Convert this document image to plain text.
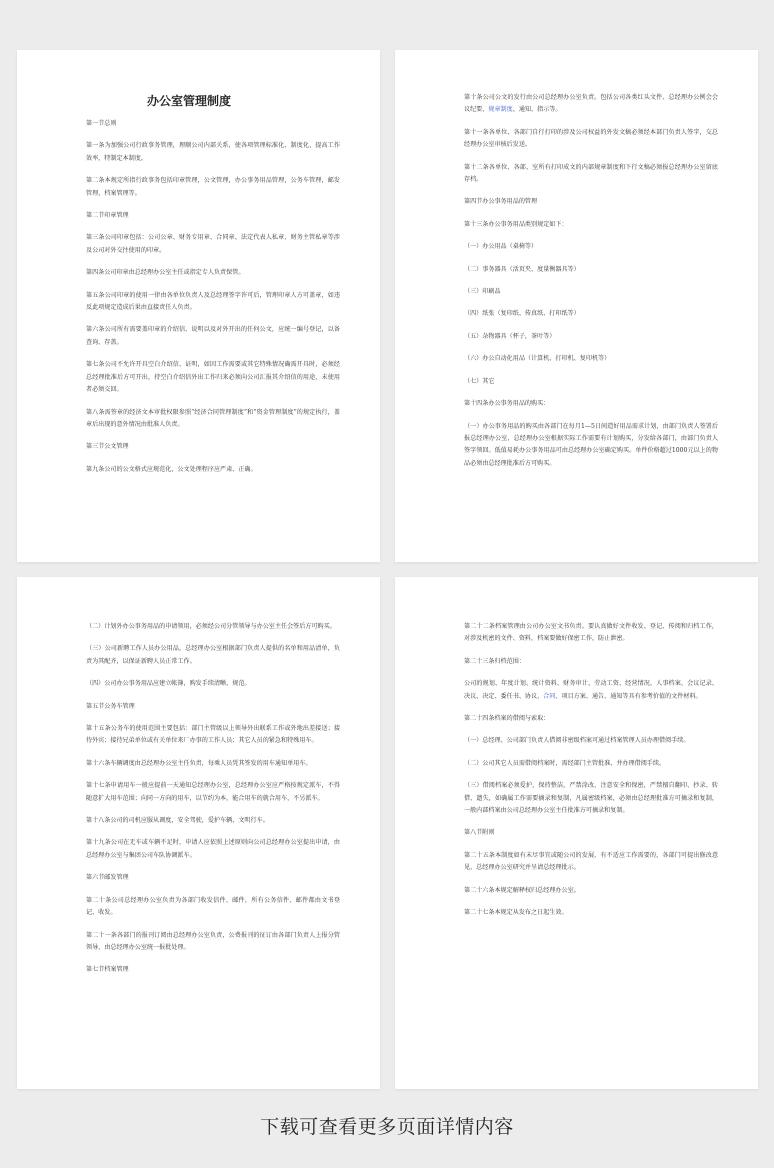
办公室管理制度

第一节总则

第一条为加强公司行政事务管理，理顺公司内部关系，使各项管理标准化、制度化，提高工作效率，特制定本制度。

第二条本规定所指行政事务包括印章管理，公文管理，办公事务用品管理，公务车管理，邮发管理，档案管理等。

第二节印章管理

第三条公司印章包括：公司公章、财务专用章、合同章、法定代表人私章、财务主管私章等涉及公司对外交往使用的印章。

第四条公司印章由总经理办公室主任或指定专人负责保管。

第五条公司印章的使用一律由各单位负责人及总经理签字许可后，管理印章人方可盖章，如违反此项规定造成后果由直接责任人负责。

第六条公司所有需要盖印章的介绍信、说明以及对外开出的任何公文，应统一编号登记，以备查询、存盖。

第七条公司不允许开具空白介绍信、证明，如因工作需要或其它特殊情况确需开具时，必须经总经理批准后方可开出，持空白介绍信外出工作归来必须向公司汇报其介绍信的用途，未使用者必须交回。

第八条需签章的经济文本审批权限参照“经济合同管理制度”和“资金管理制度”的规定执行，盖章后出现的意外情况由批准人负责。

第三节公文管理

第九条公司的公文格式应规范化，公文处理程序应严肃、正确。

第十条公司公文的发行由公司总经理办公室负责。包括公司各类红头文件、总经理办公例会会议纪要、规章制度、通知、指示等。

第十一条各单位、各部门自行打印的涉及公司权益的外发文稿必须经本部门负责人签字，交总经理办公室审核后发送。

第十二条各单位、各部、室所有打印成文的内部规章制度和下行文稿必须报总经理办公室留底存档。

第四节办公事务用品的管理

第十三条办公事务用品类别规定如下：

（一）办公用品（桌椅等）

（二）事务器具（活页夹、度量衡器具等）

（三）印刷品

（四）纸张（复印纸、传真纸、打印纸等）

（五）杂物器具（杯子，茶叶等）

（六）办公自动化用品（计算机、打印机、复印机等）

（七）其它

第十四条办公事务用品的购买：

（一）办公事务用品的购买由各部门在每月1—5日间造好用品需求计划，由部门负责人签署后报总经理办公室，总经理办公室根据实际工作需要有计划购买，分发给各部门，由部门负责人签字领回。低值易耗办公事务用品可由总经理办公室确定购买。单件价格超过1000元以上的物品必须由总经理批准后方可购买。

（二）计划外办公事务用品的申请领用，必须经公司分管领导与办公室主任会签后方可购买。

（三）公司新聘工作人员办公用品，总经理办公室根据部门负责人提供的名单和用品清单，负责为其配齐，以保证新聘人员正常工作。

（四）公司办公事务用品应建立帐簿，购发手续清晰、规范。

第五节公务车管理

第十五条公务车的使用范围主要包括：部门主管级以上领导外出联系工作或外地出差接送；接待外宾；接待兄弟单位或有关单位来厂办事的工作人员；其它人员的紧急和特殊用车。

第十六条车辆调度由总经理办公室主任负责，每乘人员凭其签发的用车通知单用车。

第十七条申请用车一般应提前一天通知总经理办公室，总经理办公室应严格按规定派车，不得随意扩大用车范围；向同一方向的用车，以节约为本，能合用车的就合用车，不另派车。

第十八条公司的司机应服从调度，安全驾驶，爱护车辆，文明行车。

第十九条公司在无车或车辆不足时，申请人应依照上述原则向公司总经理办公室提出申请，由总经理办公室与集团公司车队协调派车。

第六节邮发管理

第二十条公司总经理办公室负责为各部门收发信件、邮件，所有公务信件、邮件都由文书登记、收发。

第二十一条各部门的报刊订阅由总经理办公室负责，公费报刊的征订由各部门负责人上报分管领导，由总经理办公室统一报批处理。

第七节档案管理

第二十二条档案管理由公司办公室文书负责。要认真做好文件收发、登记、传阅和归档工作，对涉及机密的文件、资料，档案要做好保密工作，防止泄密。

第二十三条归档范围：

公司的规划、年度计划、统计资料、财务审计、劳动工资、经营情况、人事档案、会议记录、决议、决定、委任书、协议、合同、项目方案、通告、通知等具有参考价值的文件材料。

第二十四条档案的借阅与索取：

（一）总经理、公司部门负责人借阅非密级档案可通过档案管理人员办理借阅手续。

（二）公司其它人员需借阅档案时，需经部门主管批准，并办理借阅手续。

（三）借阅档案必须爱护，保持整洁，严禁涂改，注意安全和保密，严禁擅自翻印、抄录、转借、遗失，如确属工作需要摘录和复制，凡属密级档案，必须由总经理批准方可摘录和复制，一般内部档案由公司总经理办公室主任批准方可摘录和复制。

第八节附则

第二十五条本制度如有未尽事宜或随公司的发展，有不适应工作需要的，各部门可提出修改意见，总经理办公室研究并呈请总经理批示。

第二十六条本规定解释权归总经理办公室。

第二十七条本规定从发布之日起生效。

下载可查看更多页面详情内容
